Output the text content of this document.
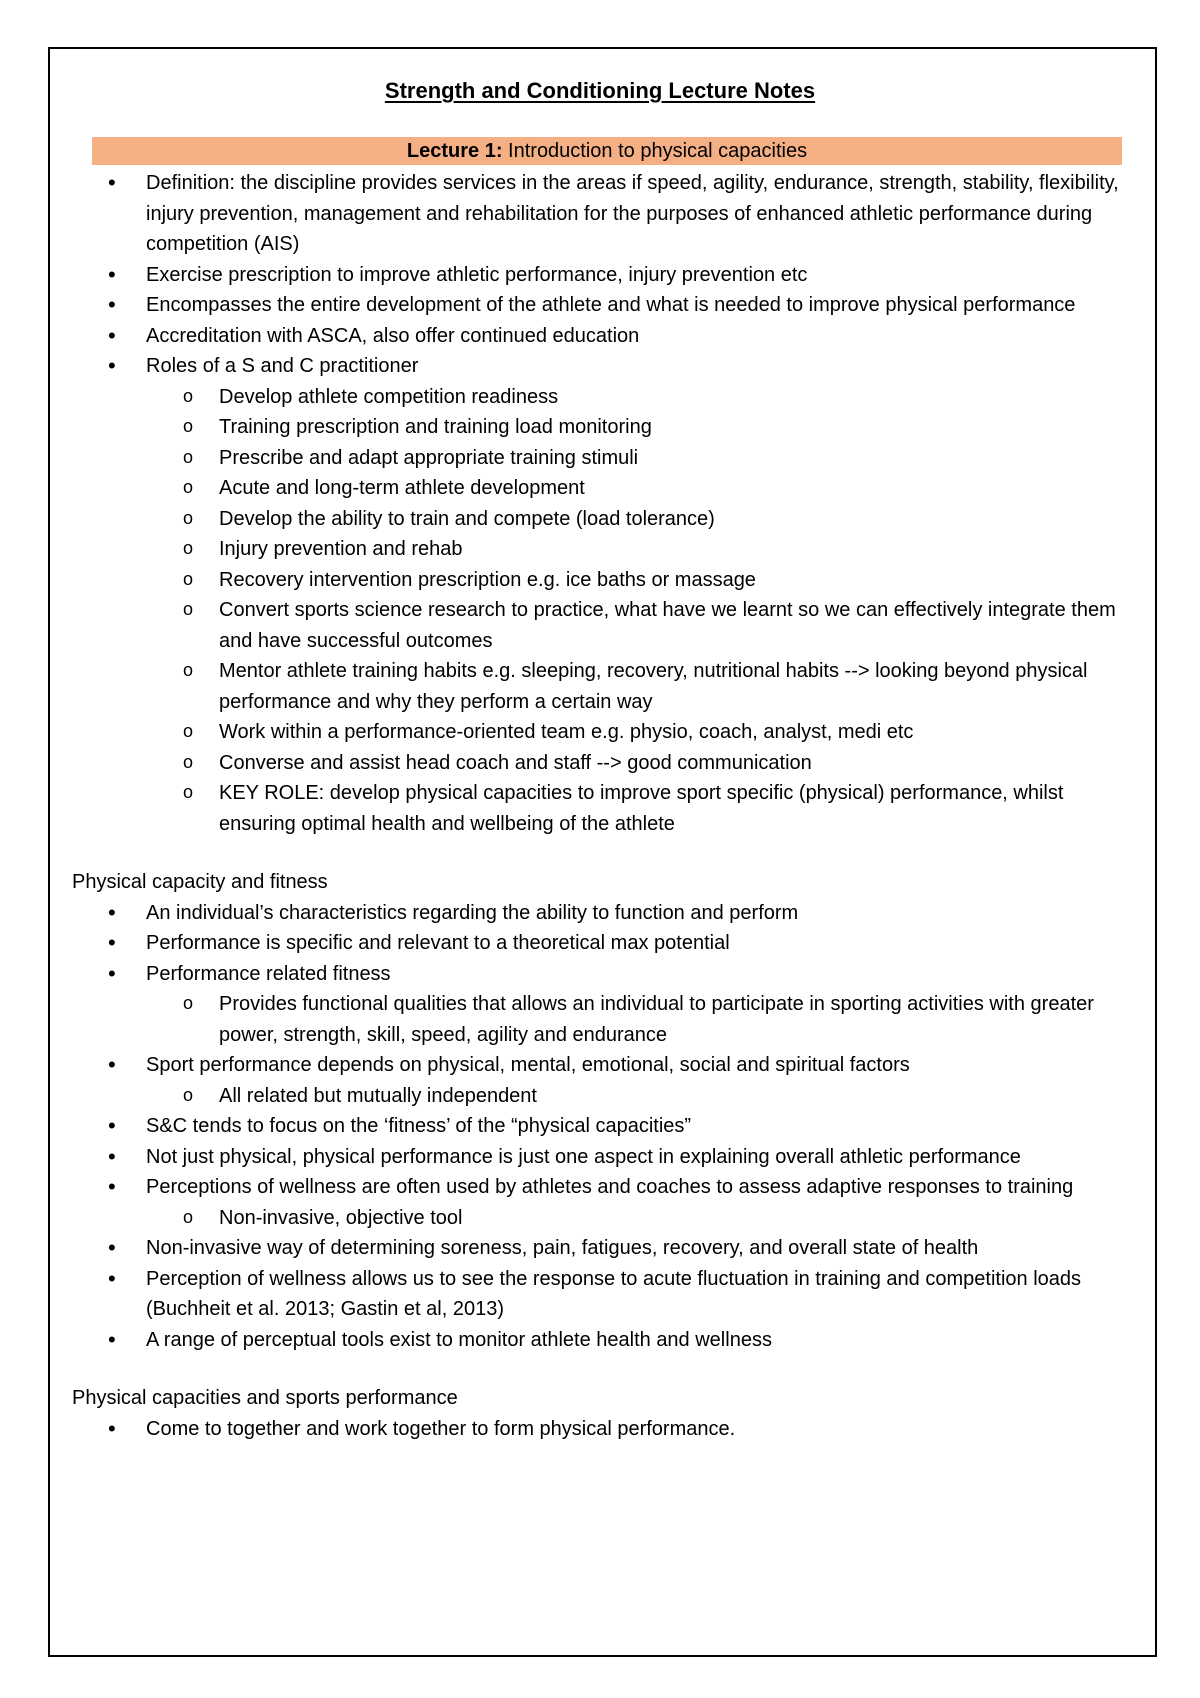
Strength and Conditioning Lecture Notes
Lecture 1: Introduction to physical capacities
• Definition: the discipline provides services in the areas if speed, agility, endurance, strength, stability, flexibility, injury prevention, management and rehabilitation for the purposes of enhanced athletic performance during competition (AIS)
• Exercise prescription to improve athletic performance, injury prevention etc
• Encompasses the entire development of the athlete and what is needed to improve physical performance
• Accreditation with ASCA, also offer continued education
• Roles of a S and C practitioner
o Develop athlete competition readiness
o Training prescription and training load monitoring
o Prescribe and adapt appropriate training stimuli
o Acute and long-term athlete development
o Develop the ability to train and compete (load tolerance)
o Injury prevention and rehab
o Recovery intervention prescription e.g. ice baths or massage
o Convert sports science research to practice, what have we learnt so we can effectively integrate them and have successful outcomes
o Mentor athlete training habits e.g. sleeping, recovery, nutritional habits --> looking beyond physical performance and why they perform a certain way
o Work within a performance-oriented team e.g. physio, coach, analyst, medi etc
o Converse and assist head coach and staff --> good communication
o KEY ROLE: develop physical capacities to improve sport specific (physical) performance, whilst ensuring optimal health and wellbeing of the athlete

Physical capacity and fitness

• An individual’s characteristics regarding the ability to function and perform
• Performance is specific and relevant to a theoretical max potential
• Performance related fitness
o Provides functional qualities that allows an individual to participate in sporting activities with greater power, strength, skill, speed, agility and endurance
• Sport performance depends on physical, mental, emotional, social and spiritual factors
o All related but mutually independent
• S&C tends to focus on the ‘fitness’ of the “physical capacities”
• Not just physical, physical performance is just one aspect in explaining overall athletic performance
• Perceptions of wellness are often used by athletes and coaches to assess adaptive responses to training
o Non-invasive, objective tool
• Non-invasive way of determining soreness, pain, fatigues, recovery, and overall state of health
• Perception of wellness allows us to see the response to acute fluctuation in training and competition loads (Buchheit et al. 2013; Gastin et al, 2013)
• A range of perceptual tools exist to monitor athlete health and wellness

Physical capacities and sports performance

• Come to together and work together to form physical performance.
